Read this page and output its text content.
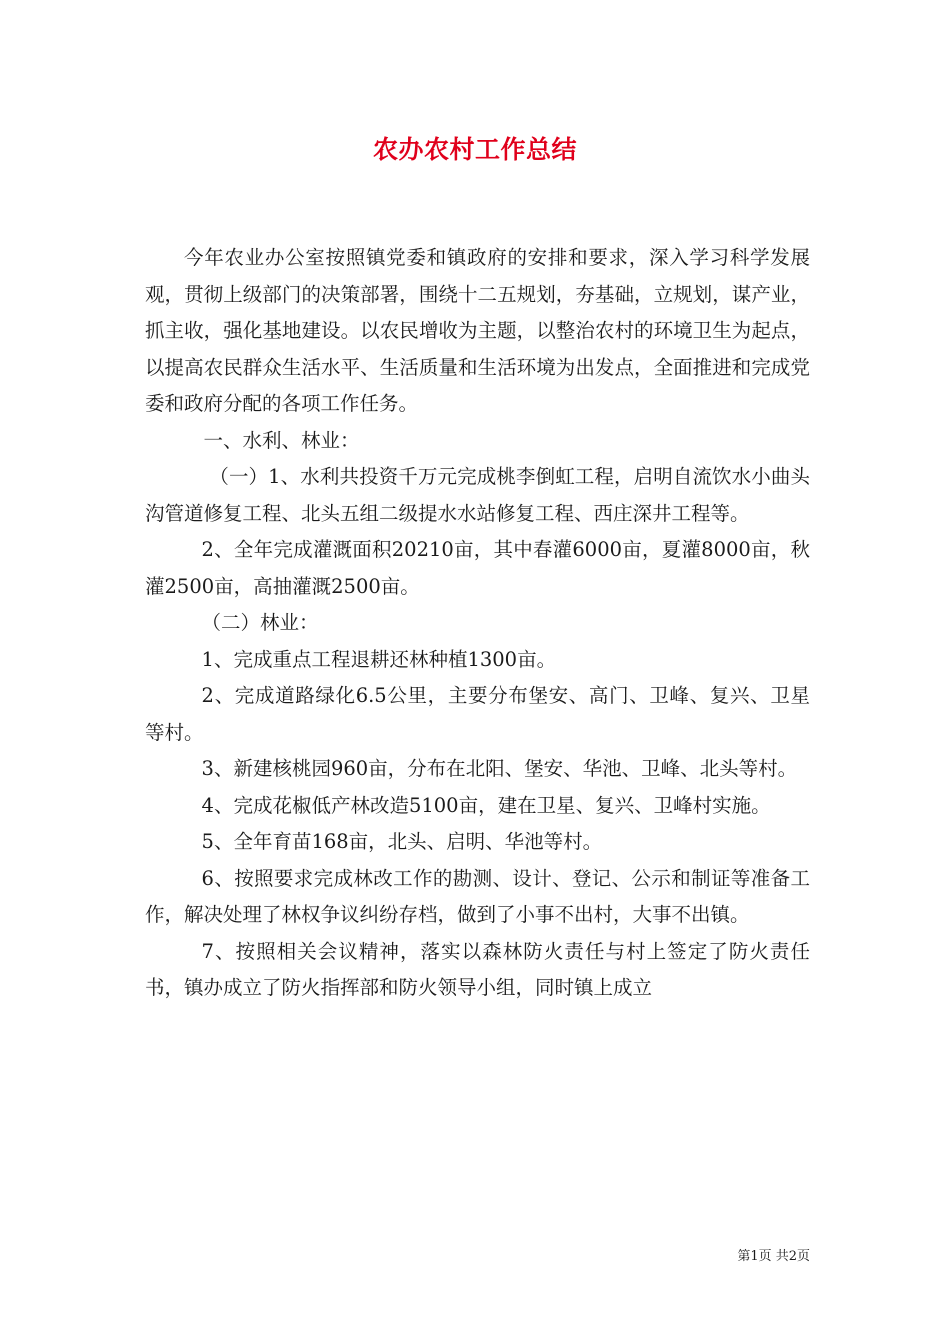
农办农村工作总结

今年农业办公室按照镇党委和镇政府的安排和要求，深入学习科学发展观，贯彻上级部门的决策部署，围绕十二五规划，夯基础，立规划，谋产业，抓主收，强化基地建设。以农民增收为主题，以整治农村的环境卫生为起点，以提高农民群众生活水平、生活质量和生活环境为出发点，全面推进和完成党委和政府分配的各项工作任务。

一、水利、林业：

（一）1、水利共投资千万元完成桃李倒虹工程，启明自流饮水小曲头沟管道修复工程、北头五组二级提水水站修复工程、西庄深井工程等。

2、全年完成灌溉面积20210亩，其中春灌6000亩，夏灌8000亩，秋灌2500亩，高抽灌溉2500亩。

（二）林业：

1、完成重点工程退耕还林种植1300亩。

2、完成道路绿化6.5公里，主要分布堡安、高门、卫峰、复兴、卫星等村。

3、新建核桃园960亩，分布在北阳、堡安、华池、卫峰、北头等村。

4、完成花椒低产林改造5100亩，建在卫星、复兴、卫峰村实施。

5、全年育苗168亩，北头、启明、华池等村。

6、按照要求完成林改工作的勘测、设计、登记、公示和制证等准备工作，解决处理了林权争议纠纷存档，做到了小事不出村，大事不出镇。

7、按照相关会议精神，落实以森林防火责任与村上签定了防火责任书，镇办成立了防火指挥部和防火领导小组，同时镇上成立

第1页 共2页
